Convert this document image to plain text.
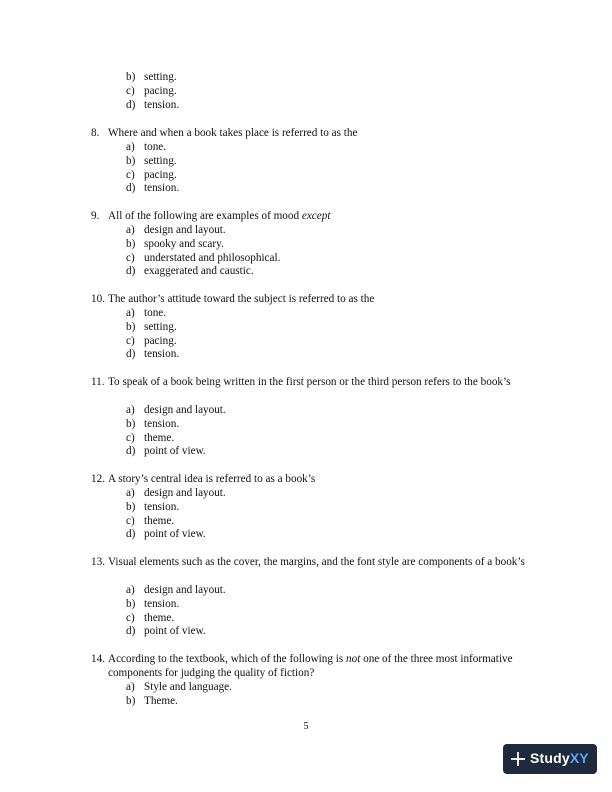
b) setting.
c) pacing.
d) tension.
8. Where and when a book takes place is referred to as the
a) tone.
b) setting.
c) pacing.
d) tension.
9. All of the following are examples of mood except
a) design and layout.
b) spooky and scary.
c) understated and philosophical.
d) exaggerated and caustic.
10. The author’s attitude toward the subject is referred to as the
a) tone.
b) setting.
c) pacing.
d) tension.
11. To speak of a book being written in the first person or the third person refers to the book’s
a) design and layout.
b) tension.
c) theme.
d) point of view.
12. A story’s central idea is referred to as a book’s
a) design and layout.
b) tension.
c) theme.
d) point of view.
13. Visual elements such as the cover, the margins, and the font style are components of a book’s
a) design and layout.
b) tension.
c) theme.
d) point of view.
14. According to the textbook, which of the following is not one of the three most informative components for judging the quality of fiction?
a) Style and language.
b) Theme.
5
Study XY
